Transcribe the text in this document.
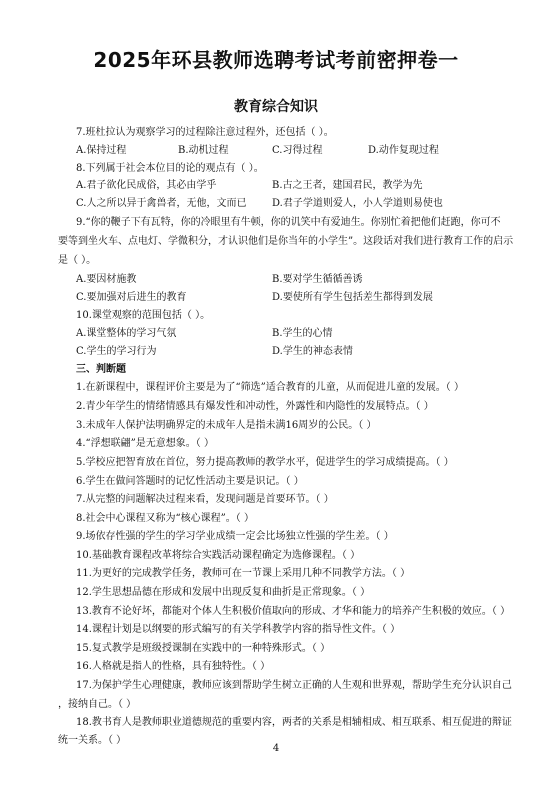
2025年环县教师选聘考试考前密押卷一
教育综合知识
7.班杜拉认为观察学习的过程除注意过程外，还包括（ ）。
A.保持过程	B.动机过程	C.习得过程	D.动作复现过程
8.下列属于社会本位目的论的观点有（ ）。
A.君子欲化民成俗，其必由学乎	B.古之王者，建国君民，教学为先
C.人之所以异于禽兽者，无他，文而已	D.君子学道则爱人，小人学道则易使也
9.“你的鞭子下有瓦特，你的冷眼里有牛顿，你的讥笑中有爱迪生。你别忙着把他们赶跑，你可不
要等到坐火车、点电灯、学微积分，才认识他们是你当年的小学生”。这段话对我们进行教育工作的启示
是（ ）。
A.要因材施教	B.要对学生循循善诱
C.要加强对后进生的教育	D.要使所有学生包括差生都得到发展
10.课堂观察的范围包括（ ）。
A.课堂整体的学习气氛	B.学生的心情
C.学生的学习行为	D.学生的神态表情
三、判断题
1.在新课程中，课程评价主要是为了“筛选”适合教育的儿童，从而促进儿童的发展。（ ）
2.青少年学生的情绪情感具有爆发性和冲动性，外露性和内隐性的发展特点。（ ）
3.未成年人保护法明确界定的未成年人是指未满16周岁的公民。（ ）
4.“浮想联翩”是无意想象。（ ）
5.学校应把智育放在首位，努力提高教师的教学水平，促进学生的学习成绩提高。（ ）
6.学生在做问答题时的记忆性活动主要是识记。（ ）
7.从完整的问题解决过程来看，发现问题是首要环节。（ ）
8.社会中心课程又称为“核心课程”。（ ）
9.场依存性强的学生的学习学业成绩一定会比场独立性强的学生差。（ ）
10.基础教育课程改革将综合实践活动课程确定为选修课程。（ ）
11.为更好的完成教学任务，教师可在一节课上采用几种不同教学方法。（ ）
12.学生思想品德在形成和发展中出现反复和曲折是正常现象。（ ）
13.教育不论好坏，都能对个体人生积极价值取向的形成、才华和能力的培养产生积极的效应。（ ）
14.课程计划是以纲要的形式编写的有关学科教学内容的指导性文件。（ ）
15.复式教学是班级授课制在实践中的一种特殊形式。（ ）
16.人格就是指人的性格，具有独特性。（ ）
17.为保护学生心理健康，教师应该到帮助学生树立正确的人生观和世界观，帮助学生充分认识自己
，接纳自己。（ ）
18.教书育人是教师职业道德规范的重要内容，两者的关系是相辅相成、相互联系、相互促进的辩证
统一关系。（ ）
4
